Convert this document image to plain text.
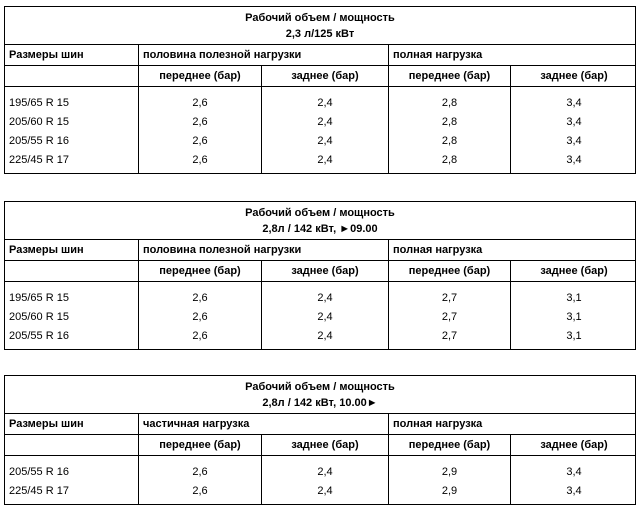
Рабочий объем / мощность
2,3 л/125 кВт
Размеры шин	половина полезной нагрузки	полная нагрузка
переднее (бар)	заднее (бар)	переднее (бар)	заднее (бар)
195/65 R 15	2,6	2,4	2,8	3,4
205/60 R 15	2,6	2,4	2,8	3,4
205/55 R 16	2,6	2,4	2,8	3,4
225/45 R 17	2,6	2,4	2,8	3,4
Рабочий объем / мощность
2,8л / 142 кВт, ►09.00
Размеры шин	половина полезной нагрузки	полная нагрузка
переднее (бар)	заднее (бар)	переднее (бар)	заднее (бар)
195/65 R 15	2,6	2,4	2,7	3,1
205/60 R 15	2,6	2,4	2,7	3,1
205/55 R 16	2,6	2,4	2,7	3,1
Рабочий объем / мощность
2,8л / 142 кВт, 10.00►
Размеры шин	частичная нагрузка	полная нагрузка
переднее (бар)	заднее (бар)	переднее (бар)	заднее (бар)
205/55 R 16	2,6	2,4	2,9	3,4
225/45 R 17	2,6	2,4	2,9	3,4
